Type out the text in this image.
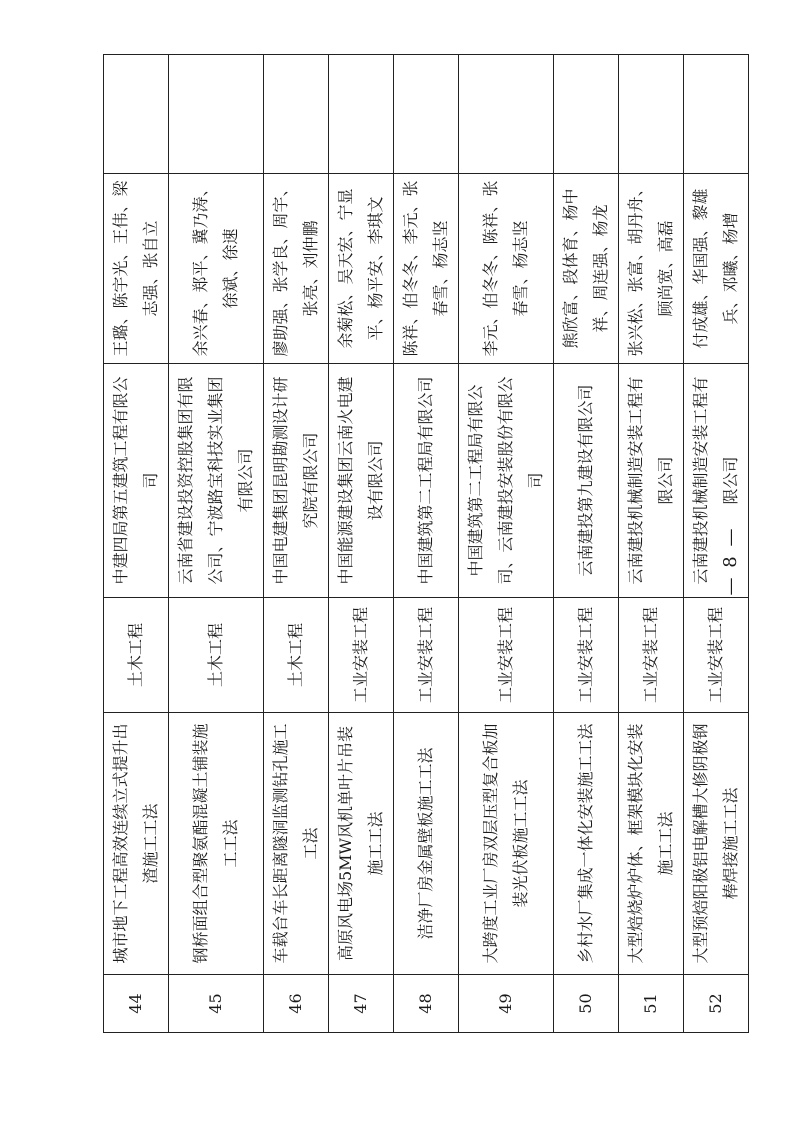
44	城市地下工程高效连续立式提升出渣施工工法	土木工程	中建四局第五建筑工程有限公司	王璐、陈宇光、王伟、梁志强、张自立	
45	钢桥面组合型聚氨酯混凝土铺装施工工法	土木工程	云南省建设投资控股集团有限公司、宁波路宝科技实业集团有限公司	余兴春、郑平、冀乃涛、徐斌、徐速	
46	车载台车长距离隧洞监测钻孔施工工法	土木工程	中国电建集团昆明勘测设计研究院有限公司	廖助强、张学良、周宇、张亮、刘仲鹏	
47	高原风电场5MW风机单叶片吊装施工工法	工业安装工程	中国能源建设集团云南火电建设有限公司	余菊松、吴天宏、宁显平、杨平安、李琪文	
48	洁净厂房金属壁板施工工法	工业安装工程	中国建筑第二工程局有限公司	陈祥、伯冬冬、李元、张春雪、杨志坚	
49	大跨度工业厂房双层压型复合板加装光伏板施工工法	工业安装工程	中国建筑第二工程局有限公司、云南建投安装股份有限公司	李元、伯冬冬、陈祥、张春雪、杨志坚	
50	乡村水厂集成一体化安装施工工法	工业安装工程	云南建投第九建设有限公司	熊欣富、段体育、杨中祥、周连强、杨龙	
51	大型焙烧炉炉体、框架模块化安装施工工法	工业安装工程	云南建投机械制造安装工程有限公司	张兴松、张富、胡丹舟、顾尚宽、高磊	
52	大型预焙阳极铝电解槽大修阴极钢棒焊接施工工法	工业安装工程	云南建投机械制造安装工程有限公司	付成雄、华国强、黎雄兵、邓曦、杨增	
— 8 —
